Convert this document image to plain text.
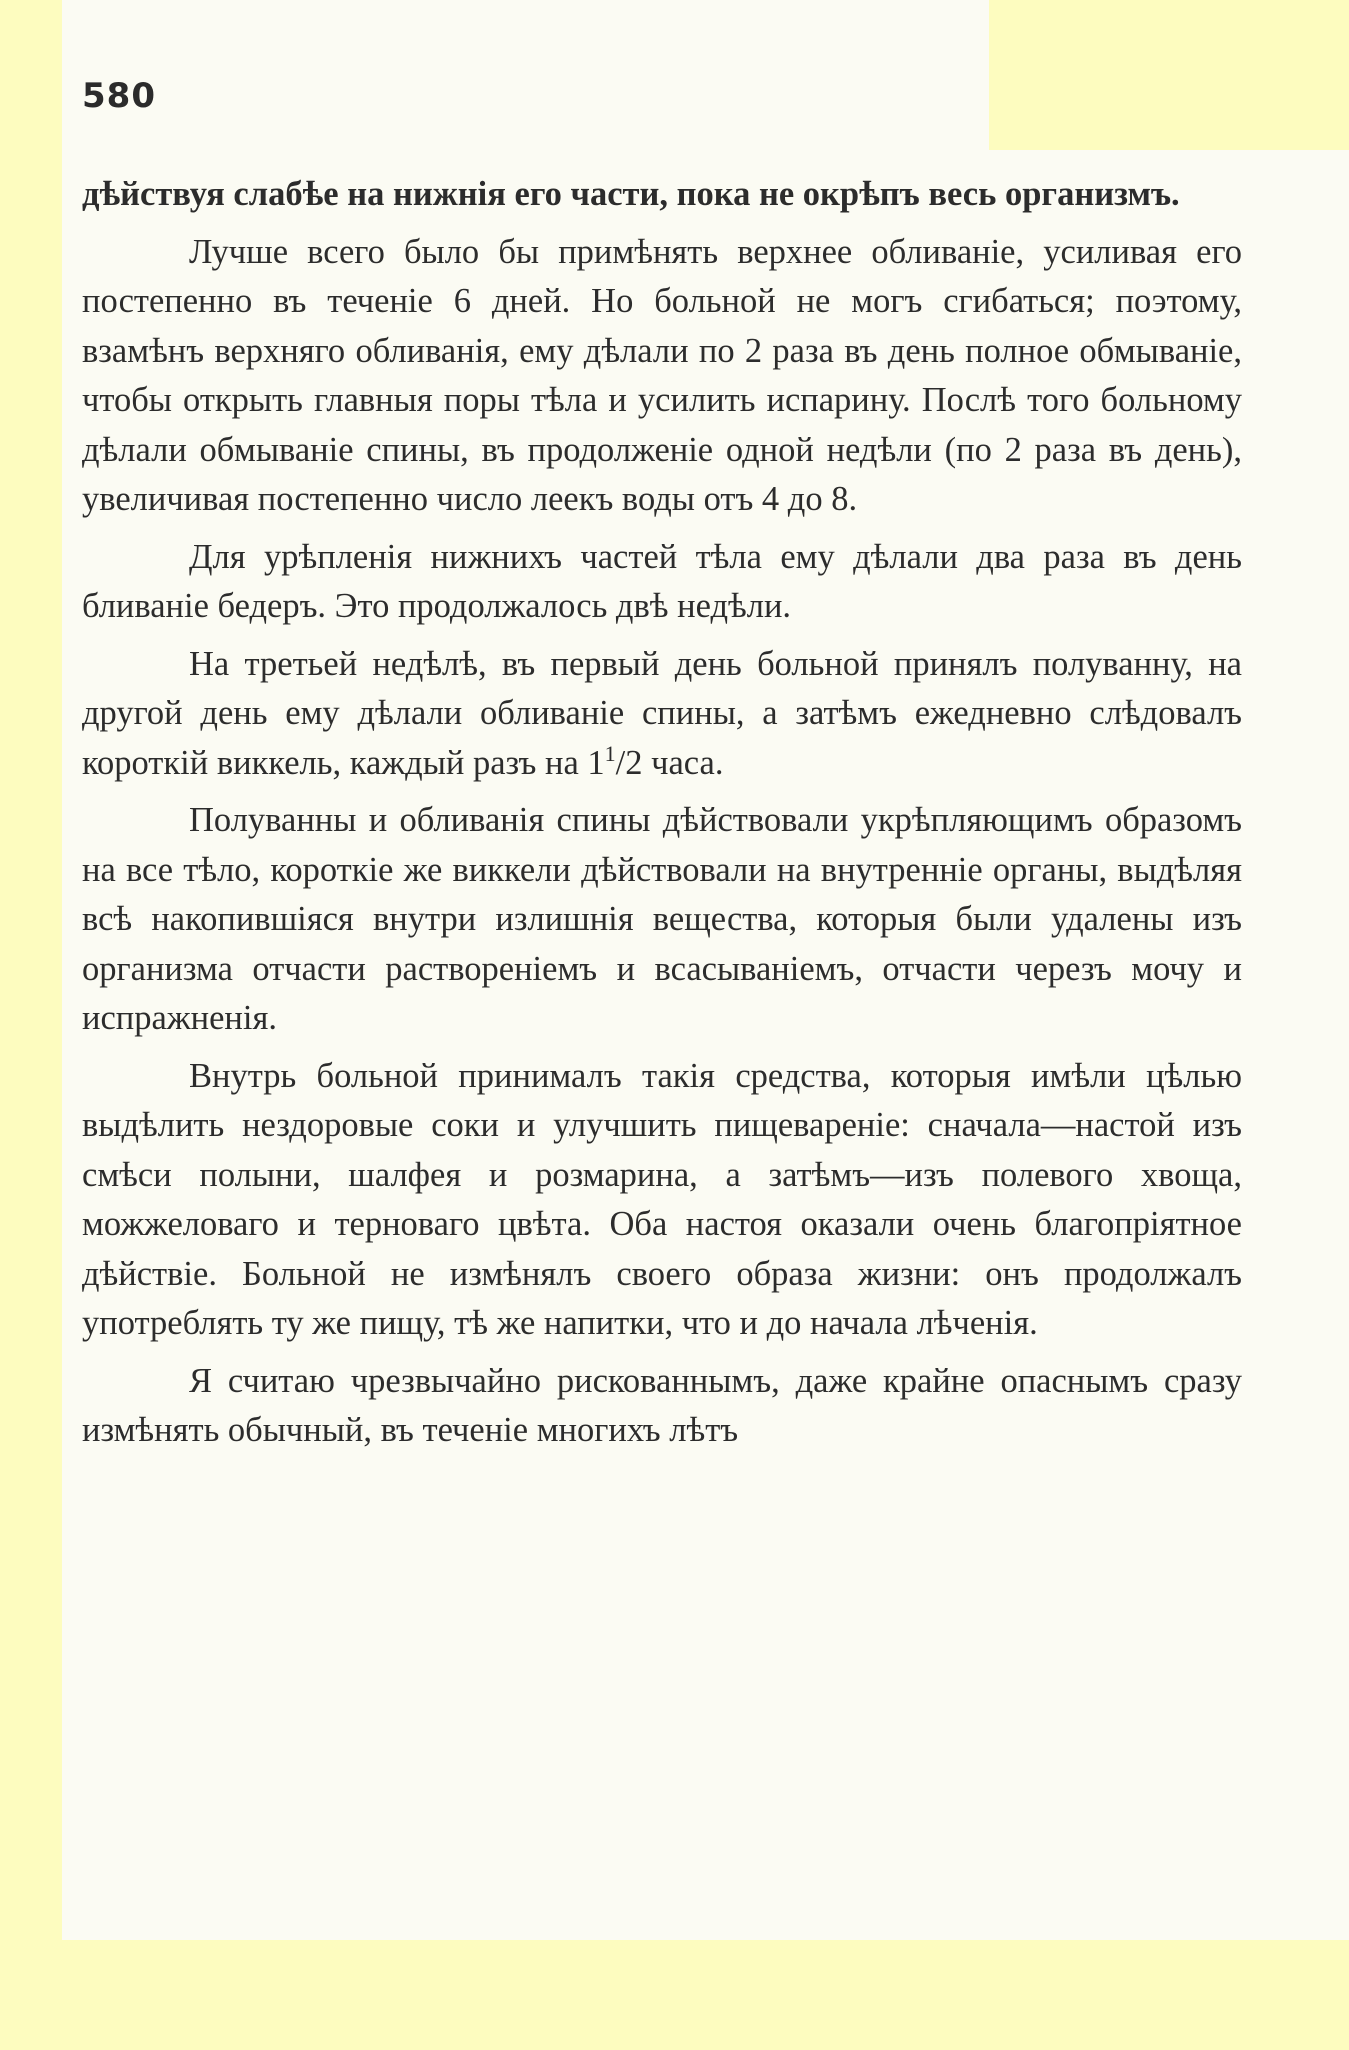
580

дѣйствуя слабѣе на нижнія его части, пока не окрѣпъ весь организмъ.

Лучше всего было бы примѣнять верхнее обливаніе, усиливая его постепенно въ теченіе 6 дней. Но больной не могъ сгибаться; поэтому, взамѣнъ верхняго обливанія, ему дѣлали по 2 раза въ день полное обмываніе, чтобы открыть главныя поры тѣла и усилить испарину. Послѣ того больному дѣлали обмываніе спины, въ продолженіе одной недѣли (по 2 раза въ день), увеличивая постепенно число леекъ воды отъ 4 до 8.

Для урѣпленія нижнихъ частей тѣла ему дѣлали два раза въ день бливаніе бедеръ. Это продолжалось двѣ недѣли.

На третьей недѣлѣ, въ первый день больной принялъ полуванну, на другой день ему дѣлали обливаніе спины, а затѣмъ ежедневно слѣдовалъ короткій виккель, каждый разъ на $1^1/2$ часа.

Полуванны и обливанія спины дѣйствовали укрѣпляющимъ образомъ на все тѣло, короткіе же виккели дѣйствовали на внутренніе органы, выдѣляя всѣ накопившіяся внутри излишнія вещества, которыя были удалены изъ организма отчасти раствореніемъ и всасываніемъ, отчасти черезъ мочу и испражненія.

Внутрь больной принималъ такія средства, которыя имѣли цѣлью выдѣлить нездоровые соки и улучшить пищевареніе: сначала—настой изъ смѣси полыни, шалфея и розмарина, а затѣмъ—изъ полевого хвоща, можжеловаго и терноваго цвѣта. Оба настоя оказали очень благопріятное дѣйствіе. Больной не измѣнялъ своего образа жизни: онъ продолжалъ употреблять ту же пищу, тѣ же напитки, что и до начала лѣченія.

Я считаю чрезвычайно рискованнымъ, даже крайне опаснымъ сразу измѣнять обычный, въ теченіе многихъ лѣтъ
